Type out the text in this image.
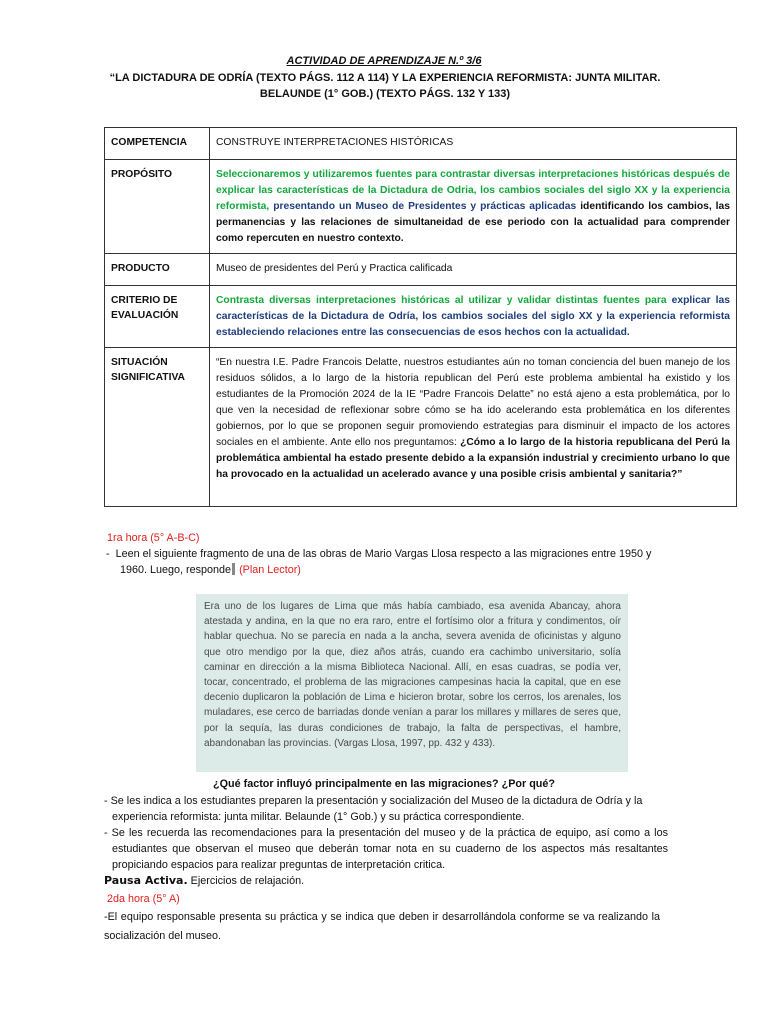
ACTIVIDAD DE APRENDIZAJE N.º 3/6
“LA DICTADURA DE ODRÍA (TEXTO PÁGS. 112 A 114) Y LA EXPERIENCIA REFORMISTA: JUNTA MILITAR. BELAUNDE (1° GOB.) (TEXTO PÁGS. 132 Y 133)
COMPETENCIA	CONSTRUYE INTERPRETACIONES HISTÓRICAS
PROPÓSITO	Seleccionaremos y utilizaremos fuentes para contrastar diversas interpretaciones históricas después de explicar las características de la Dictadura de Odria, los cambios sociales del siglo XX y la experiencia reformista, presentando un Museo de Presidentes y prácticas aplicadas identificando los cambios, las permanencias y las relaciones de simultaneidad de ese periodo con la actualidad para comprender como repercuten en nuestro contexto.
PRODUCTO	Museo de presidentes del Perú y Practica calificada
CRITERIO DE EVALUACIÓN	Contrasta diversas interpretaciones históricas al utilizar y validar distintas fuentes para explicar las características de la Dictadura de Odría, los cambios sociales del siglo XX y la experiencia reformista estableciendo relaciones entre las consecuencias de esos hechos con la actualidad.
SITUACIÓN SIGNIFICATIVA	“En nuestra I.E. Padre Francois Delatte, nuestros estudiantes aún no toman conciencia del buen manejo de los residuos sólidos, a lo largo de la historia republican del Perú este problema ambiental ha existido y los estudiantes de la Promoción 2024 de la IE “Padre Francois Delatte” no está ajeno a esta problemática, por lo que ven la necesidad de reflexionar sobre cómo se ha ido acelerando esta problemática en los diferentes gobiernos, por lo que se proponen seguir promoviendo estrategias para disminuir el impacto de los actores sociales en el ambiente. Ante ello nos preguntamos: ¿Cómo a lo largo de la historia republicana del Perú la problemática ambiental ha estado presente debido a la expansión industrial y crecimiento urbano lo que ha provocado en la actualidad un acelerado avance y una posible crisis ambiental y sanitaria?”
1ra hora (5° A-B-C)
-  Leen el siguiente fragmento de una de las obras de Mario Vargas Llosa respecto a las migraciones entre 1950 y 1960. Luego, responde (Plan Lector)
Era uno de los lugares de Lima que más había cambiado, esa avenida Abancay, ahora atestada y andina, en la que no era raro, entre el fortísimo olor a fritura y condimentos, oír hablar quechua. No se parecía en nada a la ancha, severa avenida de oficinistas y alguno que otro mendigo por la que, diez años atrás, cuando era cachimbo universitario, solía caminar en dirección a la misma Biblioteca Nacional. Allí, en esas cuadras, se podía ver, tocar, concentrado, el problema de las migraciones campesinas hacia la capital, que en ese decenio duplicaron la población de Lima e hicieron brotar, sobre los cerros, los arenales, los muladares, ese cerco de barriadas donde venían a parar los millares y millares de seres que, por la sequía, las duras condiciones de trabajo, la falta de perspectivas, el hambre, abandonaban las provincias. (Vargas Llosa, 1997, pp. 432 y 433).
¿Qué factor influyó principalmente en las migraciones? ¿Por qué?
- Se les indica a los estudiantes preparen la presentación y socialización del Museo de la dictadura de Odría y la experiencia reformista: junta militar. Belaunde (1° Gob.) y su práctica correspondiente.
- Se les recuerda las recomendaciones para la presentación del museo y de la práctica de equipo, así como a los estudiantes que observan el museo que deberán tomar nota en su cuaderno de los aspectos más resaltantes propiciando espacios para realizar preguntas de interpretación critica.
Pausa Activa. Ejercicios de relajación.
2da hora (5° A)
-El equipo responsable presenta su práctica y se indica que deben ir desarrollándola conforme se va realizando la socialización del museo.
